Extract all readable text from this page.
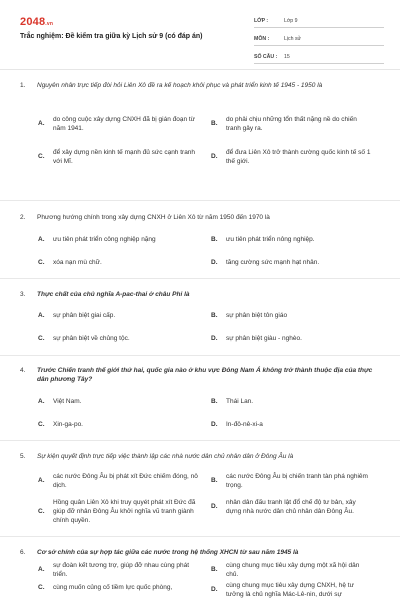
2048.vn
Trắc nghiệm: Đề kiểm tra giữa kỳ Lịch sử 9 (có đáp án)
LỚP :	Lớp 9
MÔN :	Lịch sử
SỐ CÂU :	15
1.	Nguyên nhân trực tiếp đòi hỏi Liên Xô đề ra kế hoạch khôi phục và phát triển kinh tế 1945 - 1950 là
A.
do công cuộc xây dựng CNXH đã bị gián đoạn từ năm 1941.
B.
do phải chịu những tổn thất nặng nề do chiến tranh gây ra.
C.
để xây dựng nền kinh tế mạnh đủ sức cạnh tranh với Mĩ.
D.
để đưa Liên Xô trở thành cường quốc kinh tế số 1 thế giới.
2.	Phương hướng chính trong xây dựng CNXH ở Liên Xô từ năm 1950 đến 1970 là
A.	ưu tiên phát triển công nghiệp nặng	B.	ưu tiên phát triển nông nghiệp.
C.	xóa nạn mù chữ.	D.	tăng cường sức mạnh hạt nhân.
3.	Thực chất của chủ nghĩa A-pac-thai ở châu Phi là
A.	sự phân biệt giai cấp.	B.	sự phân biệt tôn giáo
C.	sự phân biệt về chủng tộc.	D.	sự phân biệt giàu - nghèo.
4.	Trước Chiến tranh thế giới thứ hai, quốc gia nào ở khu vực Đông Nam Á không trở thành thuộc địa của thực dân phương Tây?
A.	Việt Nam.	B.	Thái Lan.
C.	Xin-ga-po.	D.	In-đô-nê-xi-a
5.	Sự kiện quyết định trực tiếp việc thành lập các nhà nước dân chủ nhân dân ở Đông Âu là
A.
các nước Đông Âu bị phát xít Đức chiếm đóng, nô dịch.
B.
các nước Đông Âu bị chiến tranh tàn phá nghiêm trọng.
C.
Hồng quân Liên Xô khi truy quyét phát xít Đức đã giúp đỡ nhân Đông Âu khởi nghĩa vũ tranh giành chính quyền.
D.
nhân dân đấu tranh lật đổ chế độ tư bản, xây dựng nhà nước dân chủ nhân dân Đông Âu.
6.	Cơ sở chính của sự hợp tác giữa các nước trong hệ thống XHCN từ sau năm 1945 là
A.
sự đoàn kết tương trợ, giúp đỡ nhau cùng phát triển.
B.
cùng chung mục tiêu xây dựng một xã hội dân chủ.
C.	cùng muốn củng cố tiềm lực quốc phòng,	D.
cùng chung mục tiêu xây dựng CNXH, hệ tư tưởng là chủ nghĩa Mác-Lê-nin, dưới sự
